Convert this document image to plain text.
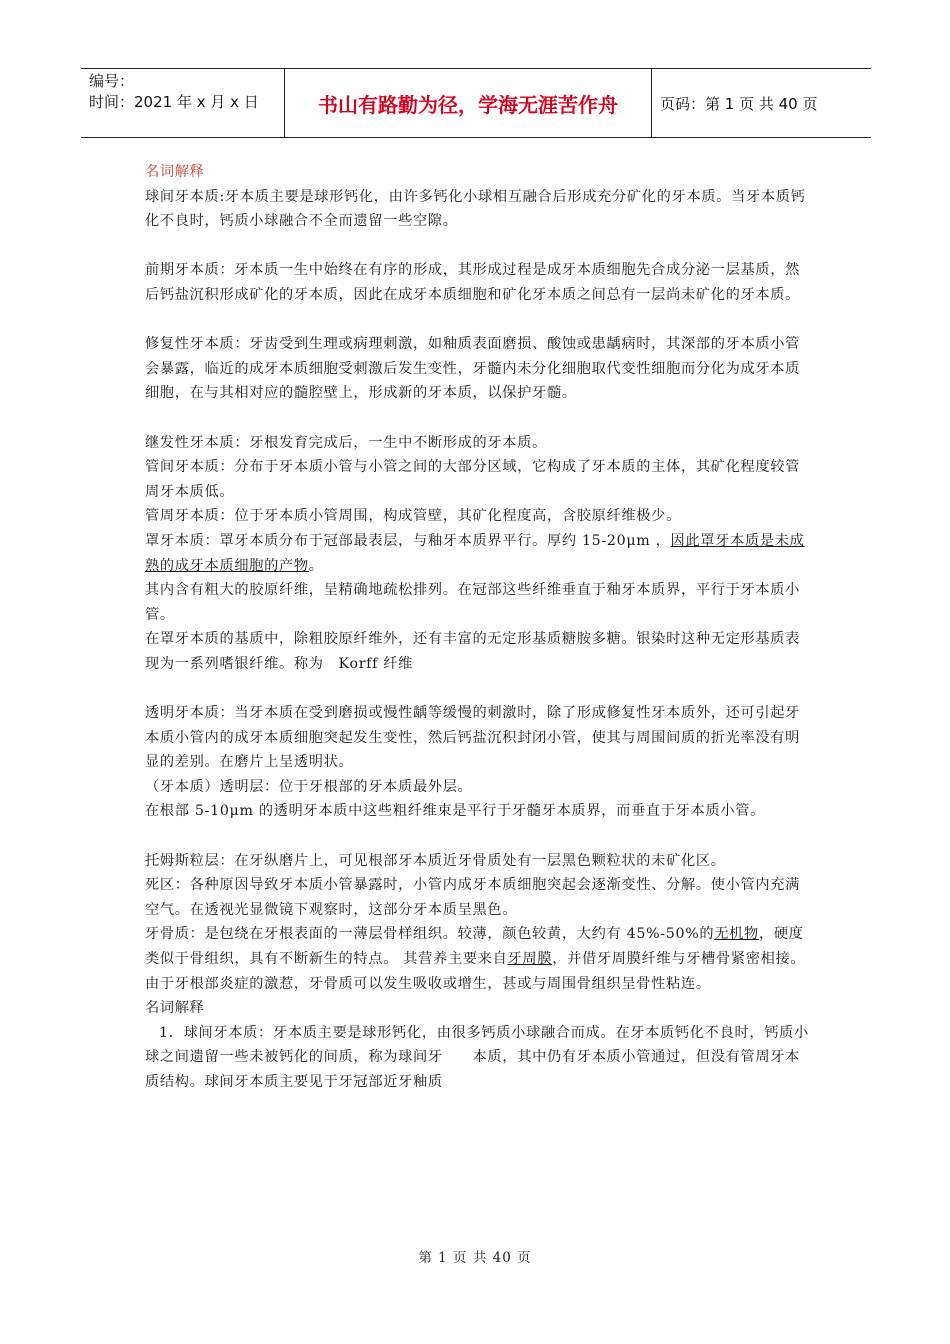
编号：
时间：2021 年 x 月 x 日	书山有路勤为径，学海无涯苦作舟	页码：第 1 页 共 40 页

名词解释

球间牙本质:牙本质主要是球形钙化，由许多钙化小球相互融合后形成充分矿化的牙本质。当牙本质钙化不良时，钙质小球融合不全而遗留一些空隙。

前期牙本质：牙本质一生中始终在有序的形成，其形成过程是成牙本质细胞先合成分泌一层基质，然后钙盐沉积形成矿化的牙本质，因此在成牙本质细胞和矿化牙本质之间总有一层尚未矿化的牙本质。

修复性牙本质：牙齿受到生理或病理刺激，如釉质表面磨损、酸蚀或患龋病时，其深部的牙本质小管会暴露，临近的成牙本质细胞受刺激后发生变性，牙髓内未分化细胞取代变性细胞而分化为成牙本质细胞，在与其相对应的髓腔壁上，形成新的牙本质，以保护牙髓。

继发性牙本质：牙根发育完成后，一生中不断形成的牙本质。

管间牙本质：分布于牙本质小管与小管之间的大部分区域，它构成了牙本质的主体，其矿化程度较管周牙本质低。

管周牙本质：位于牙本质小管周围，构成管壁，其矿化程度高，含胶原纤维极少。

罩牙本质：罩牙本质分布于冠部最表层，与釉牙本质界平行。厚约 15-20μm ，因此罩牙本质是未成熟的成牙本质细胞的产物。

其内含有粗大的胶原纤维，呈精确地疏松排列。在冠部这些纤维垂直于釉牙本质界，平行于牙本质小管。

在罩牙本质的基质中，除粗胶原纤维外，还有丰富的无定形基质糖胺多糖。银染时这种无定形基质表现为一系列嗜银纤维。称为　Korff 纤维

透明牙本质：当牙本质在受到磨损或慢性龋等缓慢的刺激时，除了形成修复性牙本质外，还可引起牙本质小管内的成牙本质细胞突起发生变性，然后钙盐沉积封闭小管，使其与周围间质的折光率没有明显的差别。在磨片上呈透明状。

（牙本质）透明层：位于牙根部的牙本质最外层。

在根部 5-10μm 的透明牙本质中这些粗纤维束是平行于牙髓牙本质界，而垂直于牙本质小管。

托姆斯粒层：在牙纵磨片上，可见根部牙本质近牙骨质处有一层黑色颗粒状的未矿化区。

死区：各种原因导致牙本质小管暴露时，小管内成牙本质细胞突起会逐渐变性、分解。使小管内充满空气。在透视光显微镜下观察时，这部分牙本质呈黑色。

牙骨质：是包绕在牙根表面的一薄层骨样组织。较薄，颜色较黄，大约有 45%-50%的无机物，硬度类似于骨组织，具有不断新生的特点。 其营养主要来自牙周膜，并借牙周膜纤维与牙槽骨紧密相接。由于牙根部炎症的激惹，牙骨质可以发生吸收或增生，甚或与周围骨组织呈骨性粘连。

名词解释

1．球间牙本质：牙本质主要是球形钙化，由很多钙质小球融合而成。在牙本质钙化不良时，钙质小球之间遗留一些未被钙化的间质，称为球间牙　　本质，其中仍有牙本质小管通过，但没有管周牙本质结构。球间牙本质主要见于牙冠部近牙釉质

第 1 页 共 40 页
